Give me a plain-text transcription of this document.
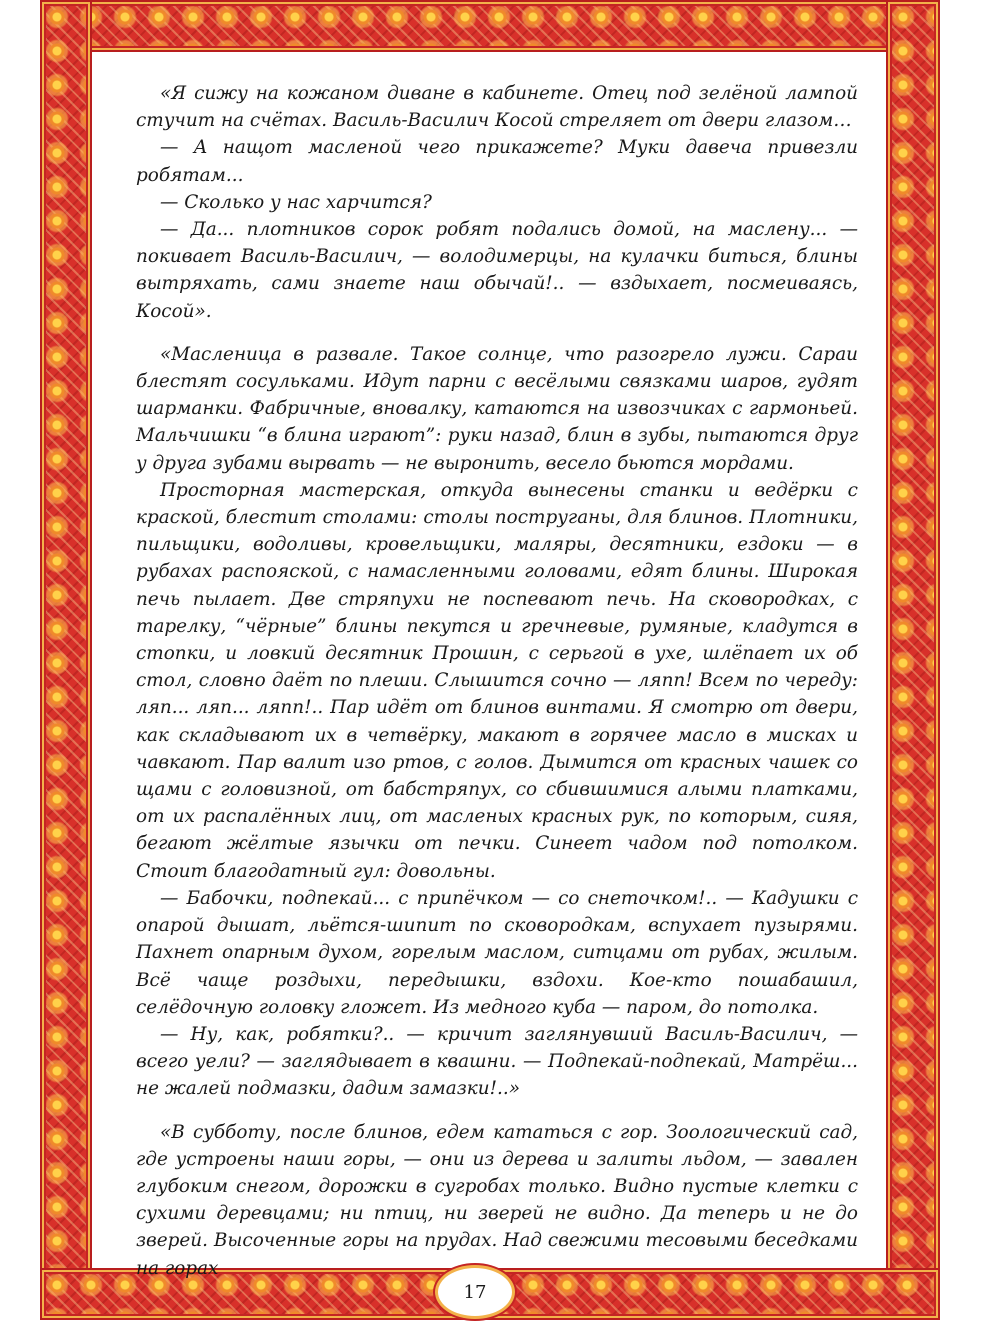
«Я сижу на кожаном диване в кабинете. Отец под зелёной лампой стучит на счётах. Василь-Василич Косой стреляет от двери глазом…

— А нащот масленой чего прикажете? Муки давеча привезли робятам...

— Сколько у нас харчится?

— Да... плотников сорок робят подались домой, на маслену... — покивает Василь-Василич, — володимерцы, на кулачки биться, блины вытряхать, сами знаете наш обычай!.. — вздыхает, посмеиваясь, Косой».

«Масленица в развале. Такое солнце, что разогрело лужи. Сараи блестят сосульками. Идут парни с весёлыми связками шаров, гудят шарманки. Фабричные, вновалку, катаются на извозчиках с гармоньей. Мальчишки “в блина играют”: руки назад, блин в зубы, пытаются друг у друга зубами вырвать — не выронить, весело бьются мордами.

Просторная мастерская, откуда вынесены станки и ведёрки с краской, блестит столами: столы поструганы, для блинов. Плотники, пильщики, водоливы, кровельщики, маляры, десятники, ездоки — в рубахах распояской, с намасленными головами, едят блины. Широкая печь пылает. Две стряпухи не поспевают печь. На сковородках, с тарелку, “чёрные” блины пекутся и гречневые, румяные, кладутся в стопки, и ловкий десятник Прошин, с серьгой в ухе, шлёпает их об стол, словно даёт по плеши. Слышится сочно — ляпп! Всем по череду: ляп... ляп... ляпп!.. Пар идёт от блинов винтами. Я смотрю от двери, как складывают их в четвёрку, макают в горячее масло в мисках и чавкают. Пар валит изо ртов, с голов. Дымится от красных чашек со щами с головизной, от бабстряпух, со сбившимися алыми платками, от их распалённых лиц, от масленых красных рук, по которым, сияя, бегают жёлтые язычки от печки. Синеет чадом под потолком. Стоит благодатный гул: довольны.

— Бабочки, подпекай... с припёчком — со снеточком!.. — Кадушки с опарой дышат, льётся-шипит по сковородкам, вспухает пузырями. Пахнет опарным духом, горелым маслом, ситцами от рубах, жилым. Всё чаще роздыхи, передышки, вздохи. Кое-кто пошабашил, селёдочную головку гложет. Из медного куба — паром, до потолка.

— Ну, как, робятки?.. — кричит заглянувший Василь-Василич, — всего уели? — заглядывает в квашни. — Подпекай-подпекай, Матрёш... не жалей подмазки, дадим замазки!..»

«В субботу, после блинов, едем кататься с гор. Зоологический сад, где устроены наши горы, — они из дерева и залиты льдом, — завален глубоким снегом, дорожки в сугробах только. Видно пустые клетки с сухими деревцами; ни птиц, ни зверей не видно. Да теперь и не до зверей. Высоченные горы на прудах. Над свежими тесовыми беседками на горах

17
